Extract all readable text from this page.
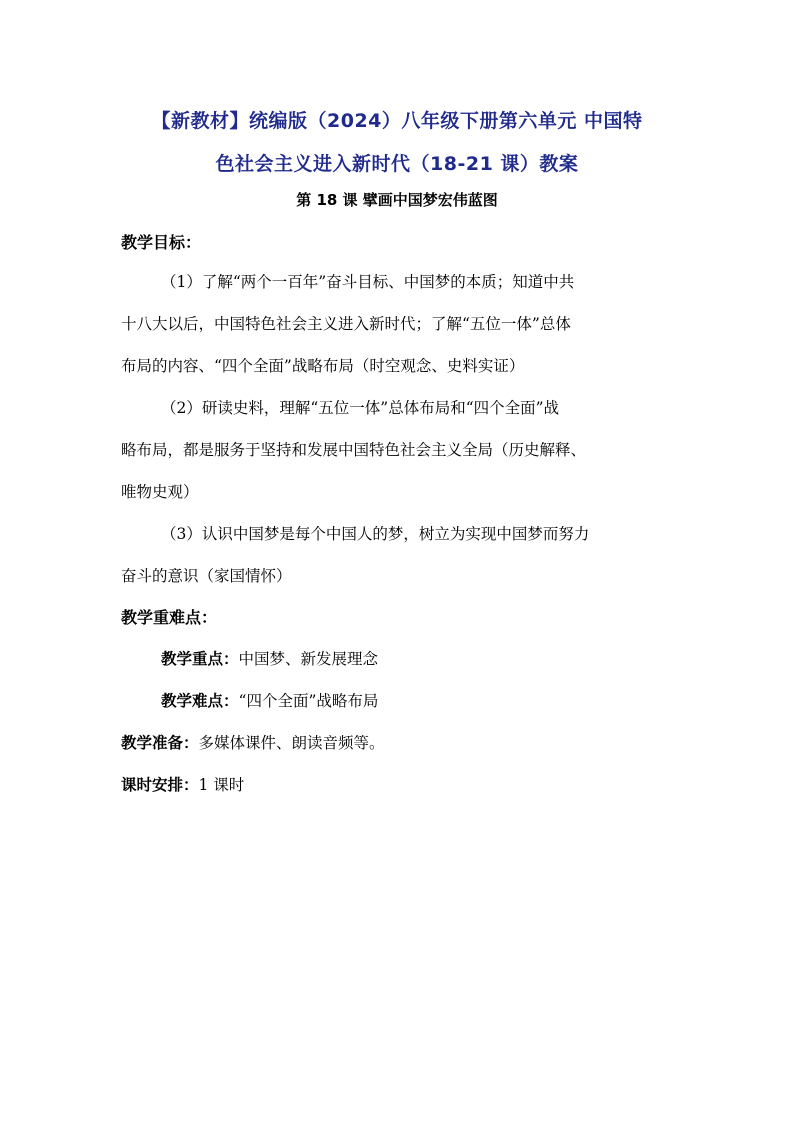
【新教材】统编版（2024）八年级下册第六单元 中国特
色社会主义进入新时代（18-21 课）教案
第 18 课 擘画中国梦宏伟蓝图
教学目标：
（1）了解“两个一百年”奋斗目标、中国梦的本质；知道中共
十八大以后，中国特色社会主义进入新时代；了解“五位一体”总体
布局的内容、“四个全面”战略布局（时空观念、史料实证）
（2）研读史料，理解“五位一体”总体布局和“四个全面”战
略布局，都是服务于坚持和发展中国特色社会主义全局（历史解释、
唯物史观）
（3）认识中国梦是每个中国人的梦，树立为实现中国梦而努力
奋斗的意识（家国情怀）
教学重难点：
教学重点：中国梦、新发展理念
教学难点：“四个全面”战略布局
教学准备：多媒体课件、朗读音频等。
课时安排：1 课时
